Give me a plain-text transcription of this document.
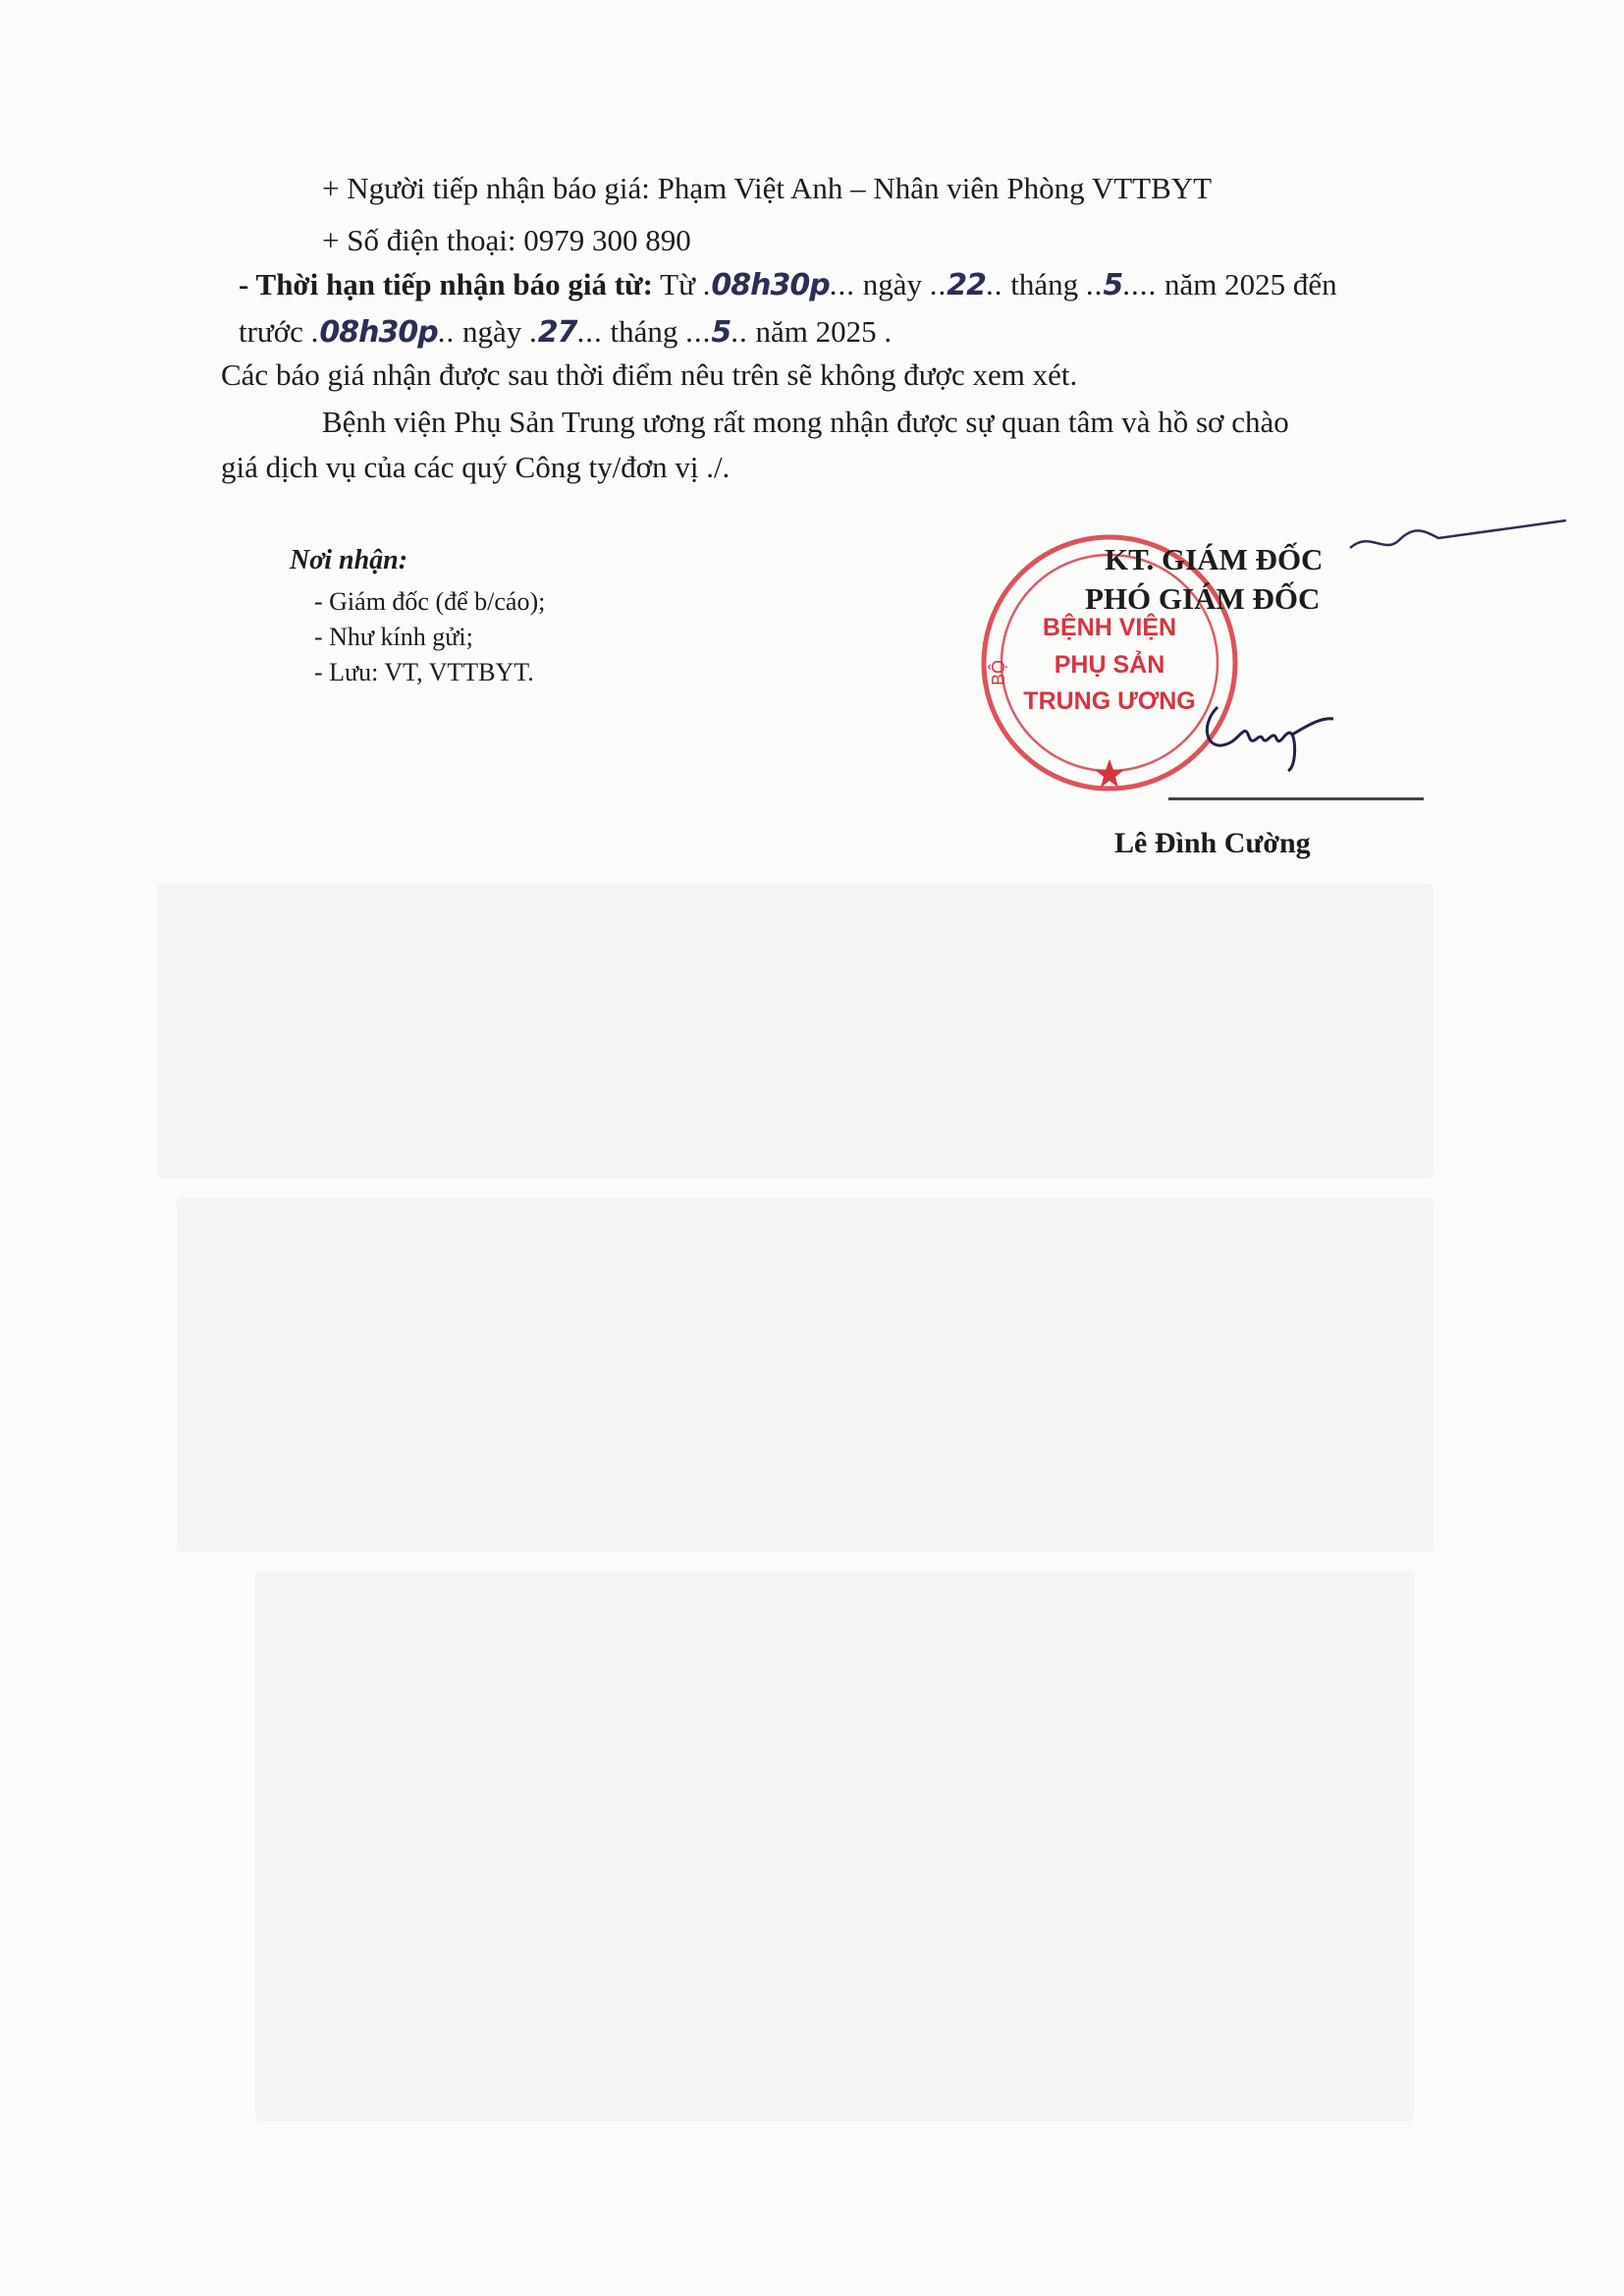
+ Người tiếp nhận báo giá: Phạm Việt Anh – Nhân viên Phòng VTTBYT
+ Số điện thoại: 0979 300 890
- Thời hạn tiếp nhận báo giá từ: Từ .08h30p... ngày ..22.. tháng ..5.... năm 2025 đến
trước .08h30p.. ngày .27... tháng ...5.. năm 2025 .
Các báo giá nhận được sau thời điểm nêu trên sẽ không được xem xét.
Bệnh viện Phụ Sản Trung ương rất mong nhận được sự quan tâm và hồ sơ chào
giá dịch vụ của các quý Công ty/đơn vị ./.
Nơi nhận:
- Giám đốc (để b/cáo);
- Như kính gửi;
- Lưu: VT, VTTBYT.
BỆNH VIỆN
PHỤ SẢN
TRUNG ƯƠNG
BỘ
KT. GIÁM ĐỐC
PHÓ GIÁM ĐỐC
Lê Đình Cường
